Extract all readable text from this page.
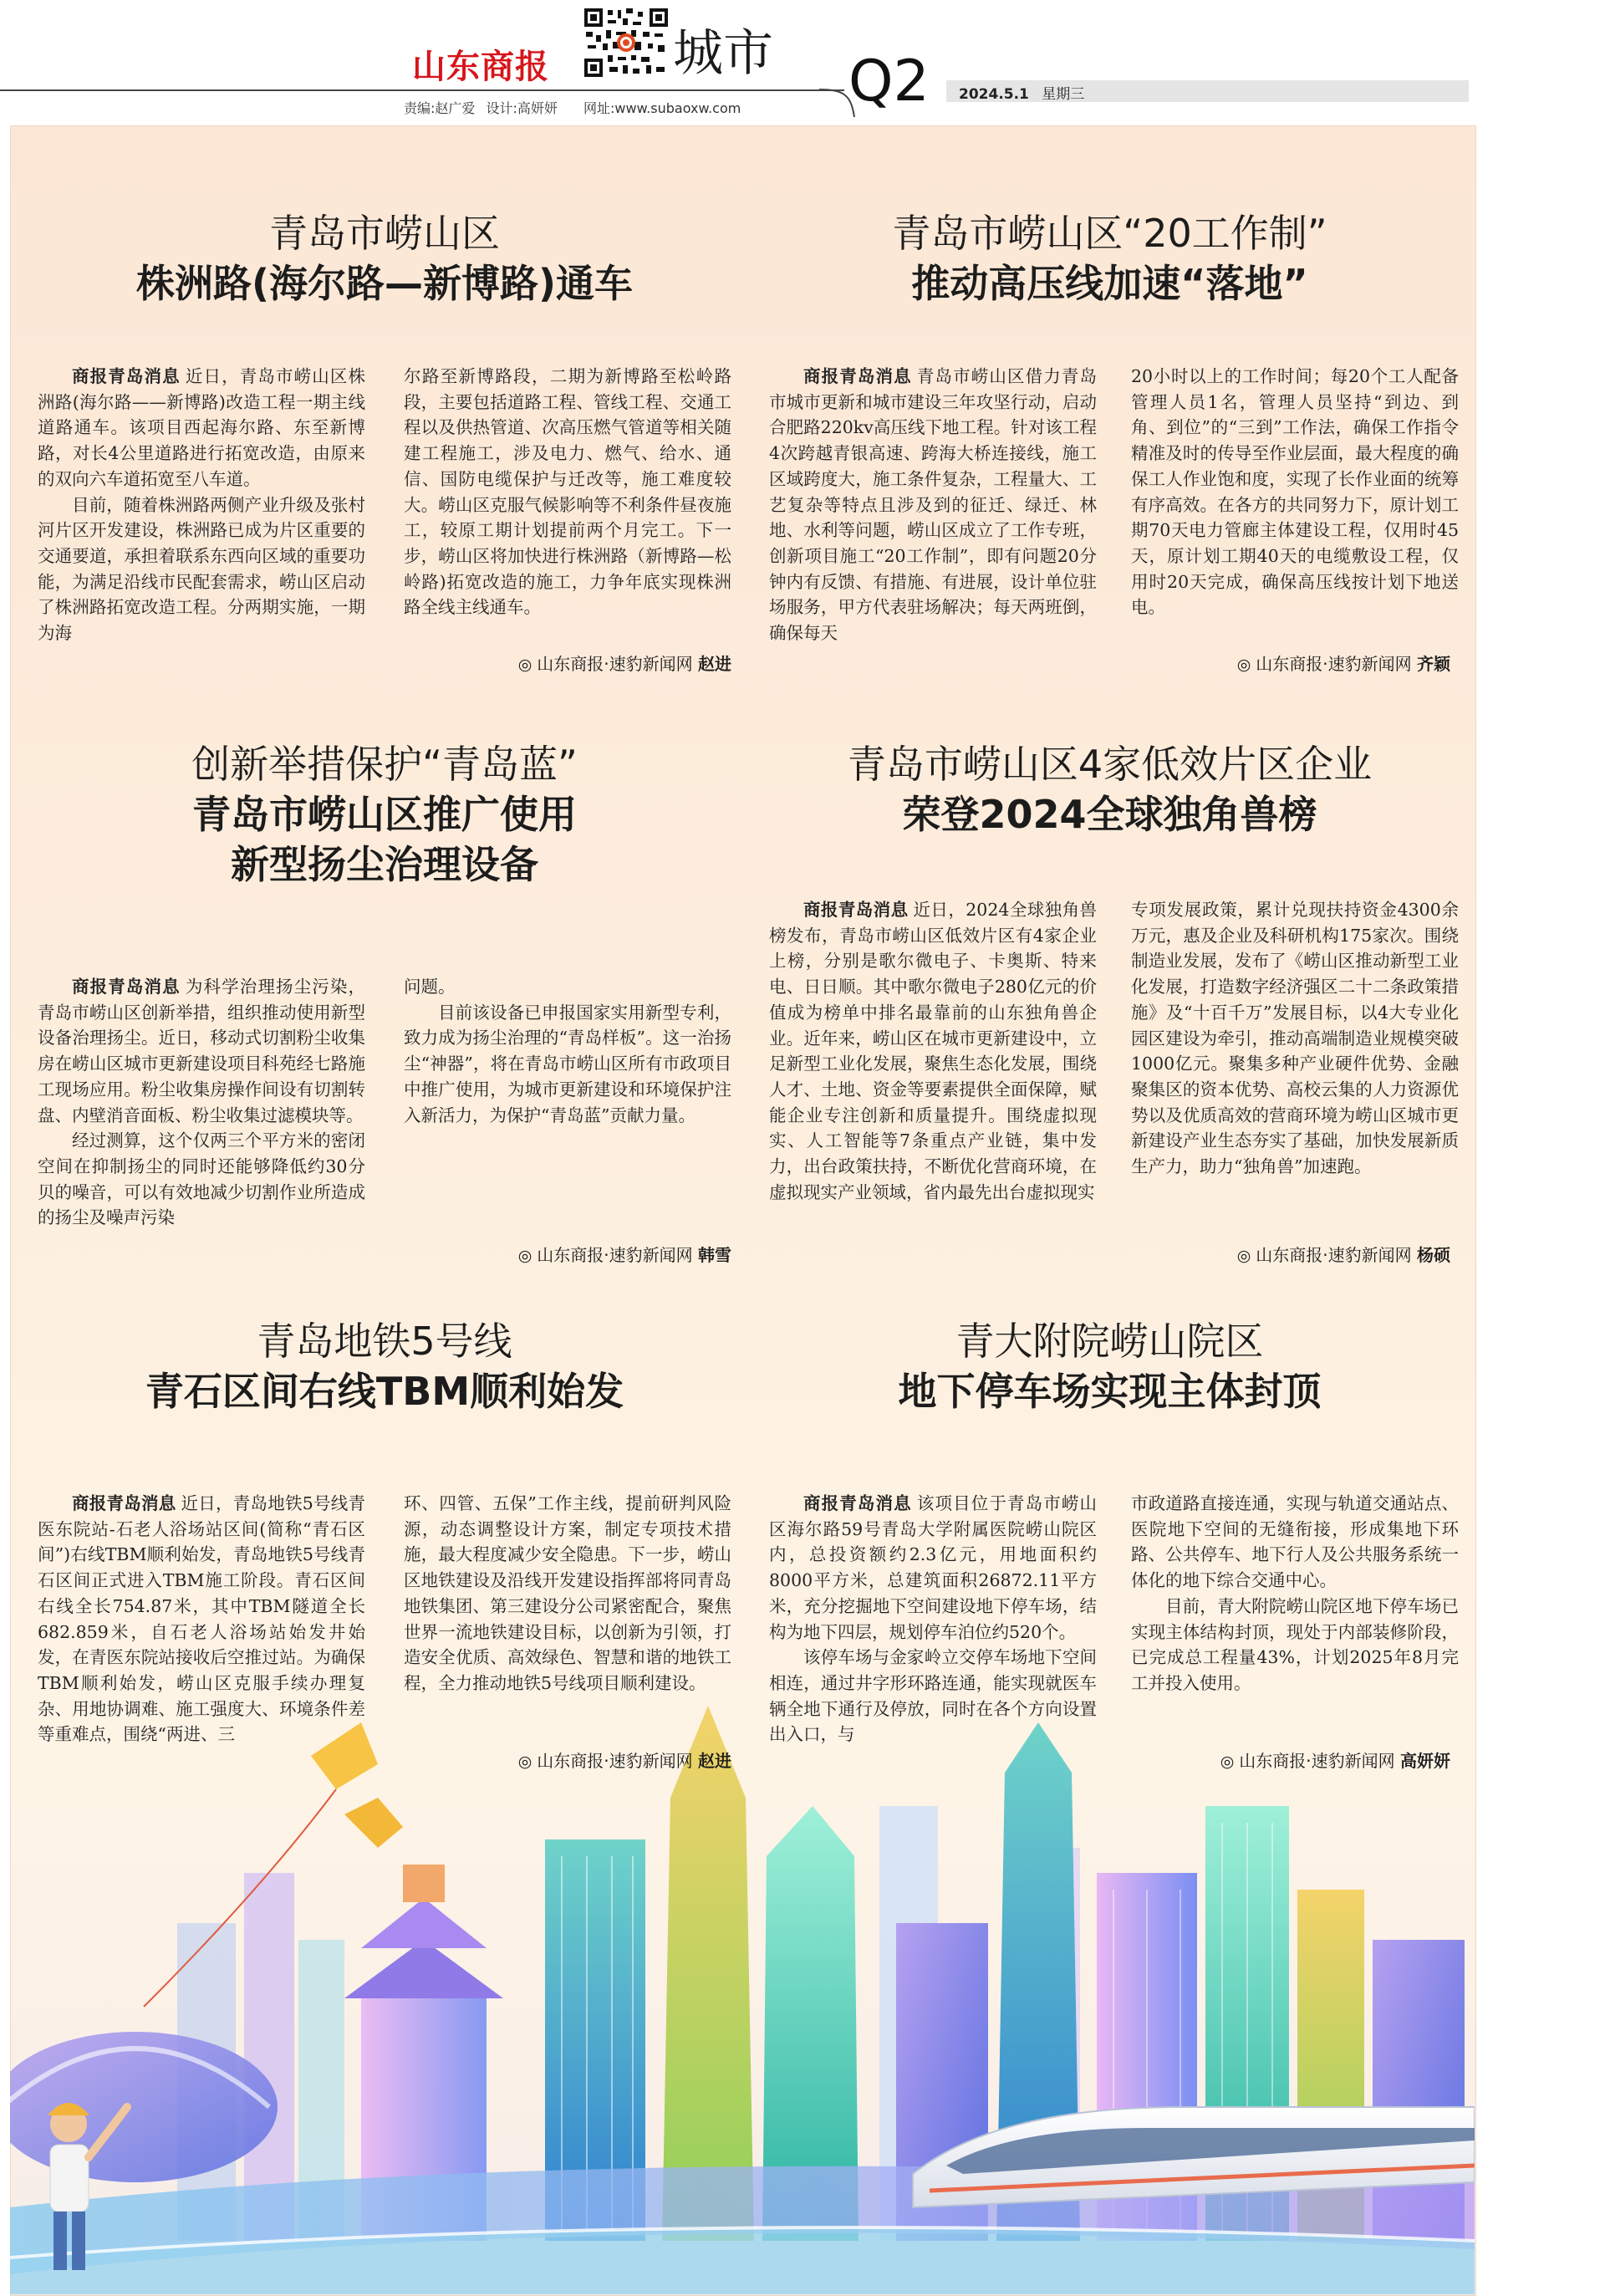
山东商报	城市
责编:赵广爱 设计:高妍妍 网址:www.subaoxw.com	Q2	2024.5.1 星期三
青岛市崂山区
株洲路(海尔路—新博路)通车

商报青岛消息 近日，青岛市崂山区株洲路(海尔路——新博路)改造工程一期主线道路通车。该项目西起海尔路、东至新博路，对长4公里道路进行拓宽改造，由原来的双向六车道拓宽至八车道。

目前，随着株洲路两侧产业升级及张村河片区开发建设，株洲路已成为片区重要的交通要道，承担着联系东西向区域的重要功能，为满足沿线市民配套需求，崂山区启动了株洲路拓宽改造工程。分两期实施，一期为海

尔路至新博路段，二期为新博路至松岭路段，主要包括道路工程、管线工程、交通工程以及供热管道、次高压燃气管道等相关随建工程施工，涉及电力、燃气、给水、通信、国防电缆保护与迁改等，施工难度较大。崂山区克服气候影响等不利条件昼夜施工，较原工期计划提前两个月完工。下一步，崂山区将加快进行株洲路（新博路—松岭路)拓宽改造的施工，力争年底实现株洲路全线主线通车。

◎ 山东商报·速豹新闻网 赵进
青岛市崂山区“20工作制”
推动高压线加速“落地”

商报青岛消息 青岛市崂山区借力青岛市城市更新和城市建设三年攻坚行动，启动合肥路220kv高压线下地工程。针对该工程4次跨越青银高速、跨海大桥连接线，施工区域跨度大，施工条件复杂，工程量大、工艺复杂等特点且涉及到的征迁、绿迁、林地、水利等问题，崂山区成立了工作专班，创新项目施工“20工作制”，即有问题20分钟内有反馈、有措施、有进展，设计单位驻场服务，甲方代表驻场解决；每天两班倒，确保每天

20小时以上的工作时间；每20个工人配备管理人员1名，管理人员坚持“到边、到角、到位”的“三到”工作法，确保工作指令精准及时的传导至作业层面，最大程度的确保工人作业饱和度，实现了长作业面的统筹有序高效。在各方的共同努力下，原计划工期70天电力管廊主体建设工程，仅用时45天，原计划工期40天的电缆敷设工程，仅用时20天完成，确保高压线按计划下地送电。

◎ 山东商报·速豹新闻网 齐颖
创新举措保护“青岛蓝”
青岛市崂山区推广使用
新型扬尘治理设备

商报青岛消息 为科学治理扬尘污染，青岛市崂山区创新举措，组织推动使用新型设备治理扬尘。近日，移动式切割粉尘收集房在崂山区城市更新建设项目科苑经七路施工现场应用。粉尘收集房操作间设有切割转盘、内壁消音面板、粉尘收集过滤模块等。

经过测算，这个仅两三个平方米的密闭空间在抑制扬尘的同时还能够降低约30分贝的噪音，可以有效地减少切割作业所造成的扬尘及噪声污染

问题。

目前该设备已申报国家实用新型专利，致力成为扬尘治理的“青岛样板”。这一治扬尘“神器”，将在青岛市崂山区所有市政项目中推广使用，为城市更新建设和环境保护注入新活力，为保护“青岛蓝”贡献力量。

◎ 山东商报·速豹新闻网 韩雪
青岛市崂山区4家低效片区企业
荣登2024全球独角兽榜

商报青岛消息 近日，2024全球独角兽榜发布，青岛市崂山区低效片区有4家企业上榜，分别是歌尔微电子、卡奥斯、特来电、日日顺。其中歌尔微电子280亿元的价值成为榜单中排名最靠前的山东独角兽企业。近年来，崂山区在城市更新建设中，立足新型工业化发展，聚焦生态化发展，围绕人才、土地、资金等要素提供全面保障，赋能企业专注创新和质量提升。围绕虚拟现实、人工智能等7条重点产业链，集中发力，出台政策扶持，不断优化营商环境，在虚拟现实产业领域，省内最先出台虚拟现实

专项发展政策，累计兑现扶持资金4300余万元，惠及企业及科研机构175家次。围绕制造业发展，发布了《崂山区推动新型工业化发展，打造数字经济强区二十二条政策措施》及“十百千万”发展目标，以4大专业化园区建设为牵引，推动高端制造业规模突破1000亿元。聚集多种产业硬件优势、金融聚集区的资本优势、高校云集的人力资源优势以及优质高效的营商环境为崂山区城市更新建设产业生态夯实了基础，加快发展新质生产力，助力“独角兽”加速跑。

◎ 山东商报·速豹新闻网 杨硕
青岛地铁5号线
青石区间右线TBM顺利始发

商报青岛消息 近日，青岛地铁5号线青医东院站-石老人浴场站区间(简称“青石区间”)右线TBM顺利始发，青岛地铁5号线青石区间正式进入TBM施工阶段。青石区间右线全长754.87米，其中TBM隧道全长682.859米，自石老人浴场站始发井始发，在青医东院站接收后空推过站。为确保TBM顺利始发，崂山区克服手续办理复杂、用地协调难、施工强度大、环境条件差等重难点，围绕“两进、三

环、四管、五保”工作主线，提前研判风险源，动态调整设计方案，制定专项技术措施，最大程度减少安全隐患。下一步，崂山区地铁建设及沿线开发建设指挥部将同青岛地铁集团、第三建设分公司紧密配合，聚焦世界一流地铁建设目标，以创新为引领，打造安全优质、高效绿色、智慧和谐的地铁工程，全力推动地铁5号线项目顺利建设。

◎ 山东商报·速豹新闻网 赵进
青大附院崂山院区
地下停车场实现主体封顶

商报青岛消息 该项目位于青岛市崂山区海尔路59号青岛大学附属医院崂山院区内，总投资额约2.3亿元，用地面积约8000平方米，总建筑面积26872.11平方米，充分挖掘地下空间建设地下停车场，结构为地下四层，规划停车泊位约520个。

该停车场与金家岭立交停车场地下空间相连，通过井字形环路连通，能实现就医车辆全地下通行及停放，同时在各个方向设置出入口，与

市政道路直接连通，实现与轨道交通站点、医院地下空间的无缝衔接，形成集地下环路、公共停车、地下行人及公共服务系统一体化的地下综合交通中心。

目前，青大附院崂山院区地下停车场已实现主体结构封顶，现处于内部装修阶段，已完成总工程量43%，计划2025年8月完工并投入使用。

◎ 山东商报·速豹新闻网 高妍妍
